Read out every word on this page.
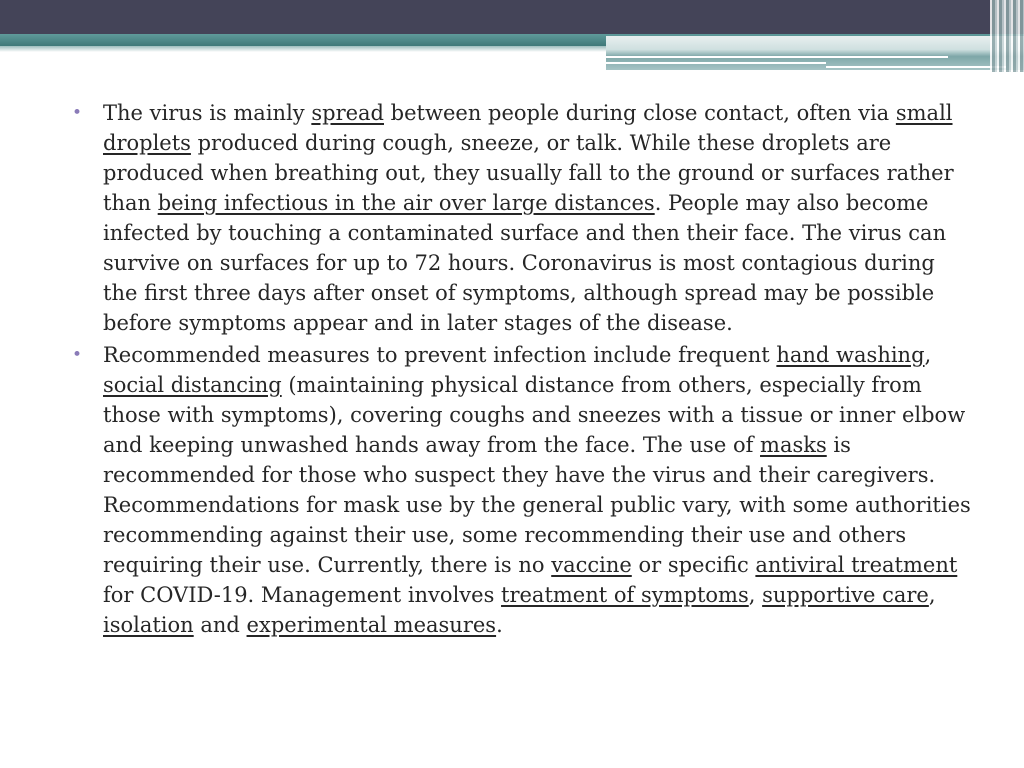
• The virus is mainly spread between people during close contact, often via small droplets produced during cough, sneeze, or talk. While these droplets are produced when breathing out, they usually fall to the ground or surfaces rather than being infectious in the air over large distances. People may also become infected by touching a contaminated surface and then their face. The virus can survive on surfaces for up to 72 hours. Coronavirus is most contagious during the first three days after onset of symptoms, although spread may be possible before symptoms appear and in later stages of the disease.
• Recommended measures to prevent infection include frequent hand washing, social distancing (maintaining physical distance from others, especially from those with symptoms), covering coughs and sneezes with a tissue or inner elbow and keeping unwashed hands away from the face. The use of masks is recommended for those who suspect they have the virus and their caregivers. Recommendations for mask use by the general public vary, with some authorities recommending against their use, some recommending their use and others requiring their use. Currently, there is no vaccine or specific antiviral treatment for COVID-19. Management involves treatment of symptoms, supportive care, isolation and experimental measures.
